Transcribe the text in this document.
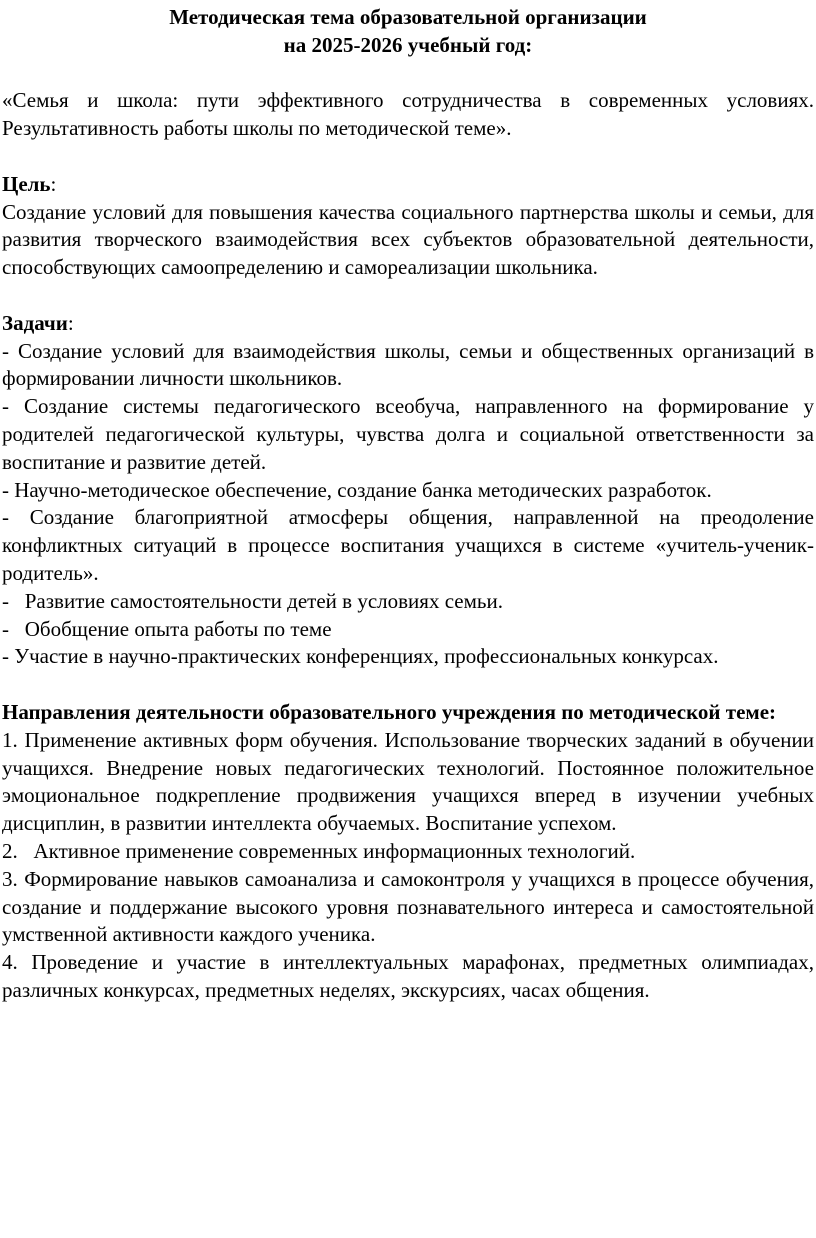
Методическая тема образовательной организации
на 2025-2026 учебный год:

«Семья и школа: пути эффективного сотрудничества в современных условиях. Результативность работы школы по методической теме».

Цель:

Создание условий для повышения качества социального партнерства школы и семьи, для развития творческого взаимодействия всех субъектов образовательной деятельности, способствующих самоопределению и самореализации школьника.

Задачи:

- Создание условий для взаимодействия школы, семьи и общественных организаций в формировании личности школьников.

- Создание системы педагогического всеобуча, направленного на формирование у родителей педагогической культуры, чувства долга и социальной ответственности за воспитание и развитие детей.

- Научно-методическое обеспечение, создание банка методических разработок.

- Создание благоприятной атмосферы общения, направленной на преодоление конфликтных ситуаций в процессе воспитания учащихся в системе «учитель-ученик-родитель».

-   Развитие самостоятельности детей в условиях семьи.

-   Обобщение опыта работы по теме

- Участие в научно-практических конференциях, профессиональных конкурсах.

Направления деятельности образовательного учреждения по методической теме:

1. Применение активных форм обучения. Использование творческих заданий в обучении учащихся. Внедрение новых педагогических технологий. Постоянное положительное эмоциональное подкрепление продвижения учащихся вперед в изучении учебных дисциплин, в развитии интеллекта обучаемых. Воспитание успехом.

2.   Активное применение современных информационных технологий.

3. Формирование навыков самоанализа и самоконтроля у учащихся в процессе обучения, создание и поддержание высокого уровня познавательного интереса и самостоятельной умственной активности каждого ученика.

4. Проведение и участие в интеллектуальных марафонах, предметных олимпиадах, различных конкурсах, предметных неделях, экскурсиях, часах общения.
